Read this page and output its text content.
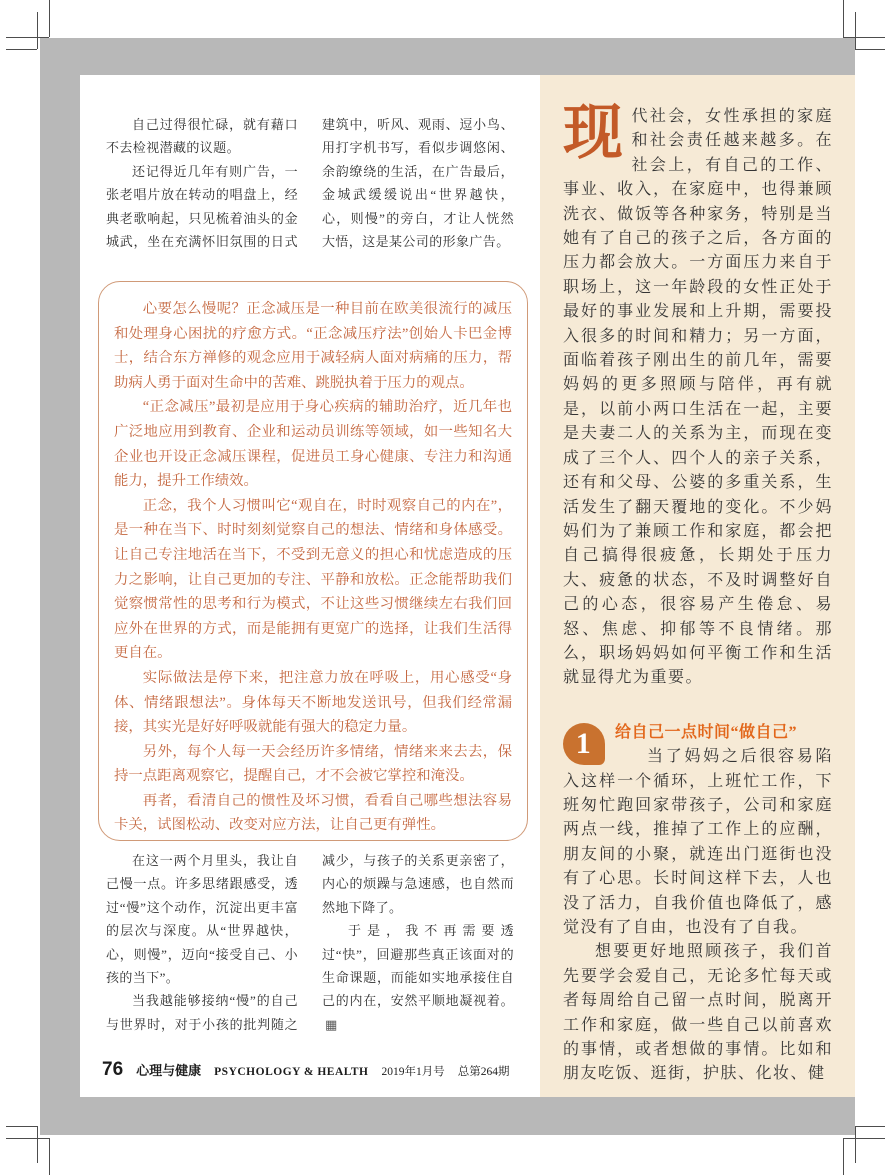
自己过得很忙碌，就有藉口不去检视潜藏的议题。

还记得近几年有则广告，一张老唱片放在转动的唱盘上，经典老歌响起，只见梳着油头的金城武，坐在充满怀旧氛围的日式建筑中，听风、观雨、逗小鸟、用打字机书写，看似步调悠闲、余韵缭绕的生活，在广告最后，金城武缓缓说出“世界越快，心，则慢”的旁白，才让人恍然大悟，这是某公司的形象广告。

心要怎么慢呢？正念减压是一种目前在欧美很流行的减压和处理身心困扰的疗愈方式。“正念减压疗法”创始人卡巴金博士，结合东方禅修的观念应用于减轻病人面对病痛的压力，帮助病人勇于面对生命中的苦难、跳脱执着于压力的观点。

“正念减压”最初是应用于身心疾病的辅助治疗，近几年也广泛地应用到教育、企业和运动员训练等领域，如一些知名大企业也开设正念减压课程，促进员工身心健康、专注力和沟通能力，提升工作绩效。

正念，我个人习惯叫它“观自在，时时观察自己的内在”，是一种在当下、时时刻刻觉察自己的想法、情绪和身体感受。让自己专注地活在当下，不受到无意义的担心和忧虑造成的压力之影响，让自己更加的专注、平静和放松。正念能帮助我们觉察惯常性的思考和行为模式，不让这些习惯继续左右我们回应外在世界的方式，而是能拥有更宽广的选择，让我们生活得更自在。

实际做法是停下来，把注意力放在呼吸上，用心感受“身体、情绪跟想法”。身体每天不断地发送讯号，但我们经常漏接，其实光是好好呼吸就能有强大的稳定力量。

另外，每个人每一天会经历许多情绪，情绪来来去去，保持一点距离观察它，提醒自己，才不会被它掌控和淹没。

再者，看清自己的惯性及坏习惯，看看自己哪些想法容易卡关，试图松动、改变对应方法，让自己更有弹性。

在这一两个月里头，我让自己慢一点。许多思绪跟感受，透过“慢”这个动作，沉淀出更丰富的层次与深度。从“世界越快，心，则慢”，迈向“接受自己、小孩的当下”。

当我越能够接纳“慢”的自己与世界时，对于小孩的批判随之减少，与孩子的关系更亲密了，内心的烦躁与急速感，也自然而然地下降了。

于是，我不再需要透过“快”，回避那些真正该面对的生命课题，而能如实地承接住自己的内在，安然平顺地凝视着。▦

76 心理与健康 PSYCHOLOGY & HEALTH 2019年1月号 总第264期

现代社会，女性承担的家庭和社会责任越来越多。在社会上，有自己的工作、事业、收入，在家庭中，也得兼顾洗衣、做饭等各种家务，特别是当她有了自己的孩子之后，各方面的压力都会放大。一方面压力来自于职场上，这一年龄段的女性正处于最好的事业发展和上升期，需要投入很多的时间和精力；另一方面，面临着孩子刚出生的前几年，需要妈妈的更多照顾与陪伴，再有就是，以前小两口生活在一起，主要是夫妻二人的关系为主，而现在变成了三个人、四个人的亲子关系，还有和父母、公婆的多重关系，生活发生了翻天覆地的变化。不少妈妈们为了兼顾工作和家庭，都会把自己搞得很疲惫，长期处于压力大、疲惫的状态，不及时调整好自己的心态，很容易产生倦怠、易怒、焦虑、抑郁等不良情绪。那么，职场妈妈如何平衡工作和生活就显得尤为重要。

1	给自己一点时间“做自己”

当了妈妈之后很容易陷入这样一个循环，上班忙工作，下班匆忙跑回家带孩子，公司和家庭两点一线，推掉了工作上的应酬，朋友间的小聚，就连出门逛街也没有了心思。长时间这样下去，人也没了活力，自我价值也降低了，感觉没有了自由，也没有了自我。

想要更好地照顾孩子，我们首先要学会爱自己，无论多忙每天或者每周给自己留一点时间，脱离开工作和家庭，做一些自己以前喜欢的事情，或者想做的事情。比如和朋友吃饭、逛街，护肤、化妆、健
